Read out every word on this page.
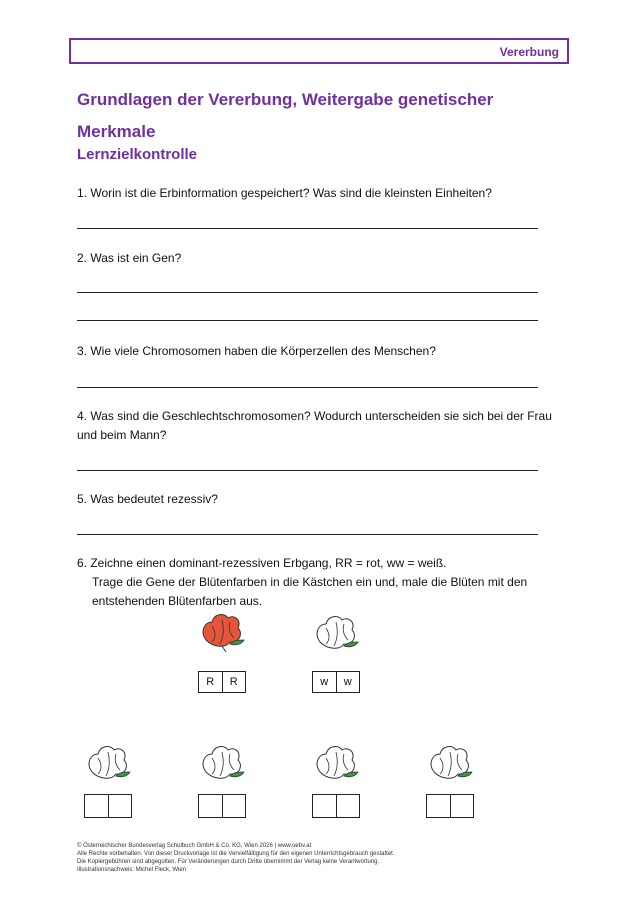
Vererbung
Grundlagen der Vererbung, Weitergabe genetischer Merkmale
Lernzielkontrolle

1. Worin ist die Erbinformation gespeichert? Was sind die kleinsten Einheiten?

2. Was ist ein Gen?

3. Wie viele Chromosomen haben die Körperzellen des Menschen?

4. Was sind die Geschlechtschromosomen? Wodurch unterscheiden sie sich bei der Frau und beim Mann?

5. Was bedeutet rezessiv?

6. Zeichne einen dominant-rezessiven Erbgang, RR = rot, ww = weiß.
Trage die Gene der Blütenfarben in die Kästchen ein und, male die Blüten mit den entstehenden Blütenfarben aus.

R	R	w	w
© Österreichischer Bundesverlag Schulbuch GmbH & Co. KG, Wien 2026 | www.oebv.at
Alle Rechte vorbehalten. Von dieser Druckvorlage ist die Vervielfältigung für den eigenen Unterrichtsgebrauch gestattet.
Die Kopiergebühren sind abgegolten. Für Veränderungen durch Dritte übernimmt der Verlag keine Verantwortung.
Illustrationsnachweis: Michel Fleck, Wien
